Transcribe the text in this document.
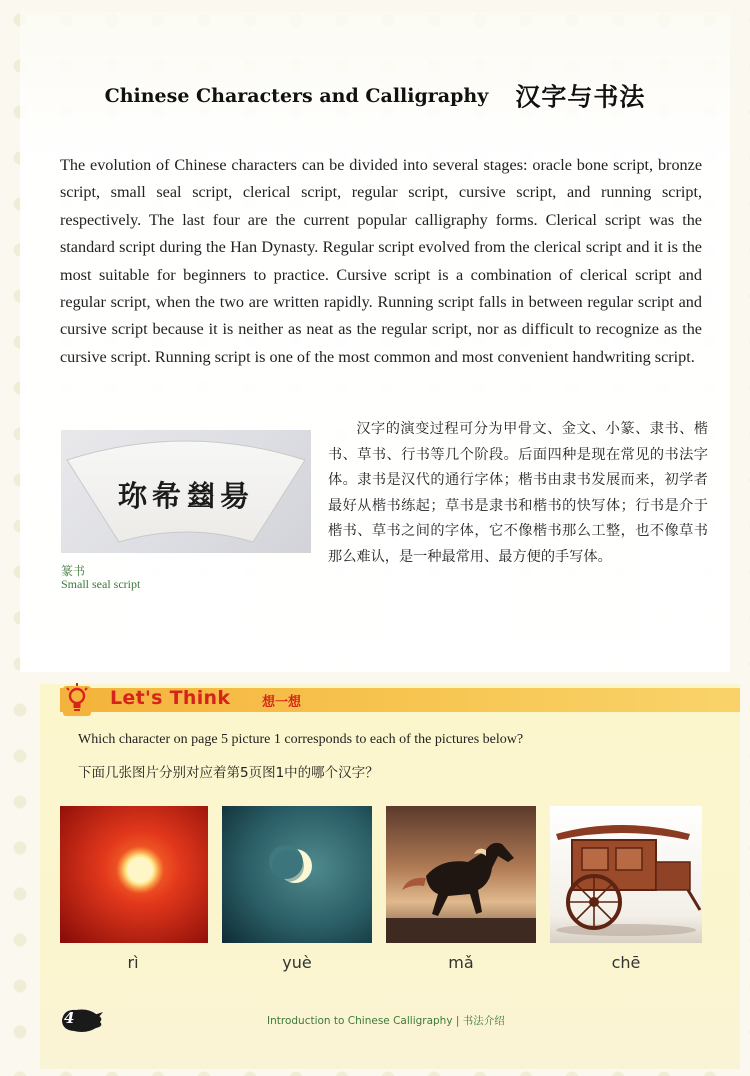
Chinese Characters and Calligraphy 汉字与书法

The evolution of Chinese characters can be divided into several stages: oracle bone script, bronze script, small seal script, clerical script, regular script, cursive script, and running script, respectively. The last four are the current popular calligraphy forms. Clerical script was the standard script during the Han Dynasty. Regular script evolved from the clerical script and it is the most suitable for beginners to practice. Cursive script is a combination of clerical script and regular script, when the two are written rapidly. Running script falls in between regular script and cursive script because it is neither as neat as the regular script, nor as difficult to recognize as the cursive script. Running script is one of the most common and most convenient handwriting script.

珎㣇𢇍昜

篆书

Small seal script

汉字的演变过程可分为甲骨文、金文、小篆、隶书、楷书、草书、行书等几个阶段。后面四种是现在常见的书法字体。隶书是汉代的通行字体；楷书由隶书发展而来，初学者最好从楷书练起；草书是隶书和楷书的快写体；行书是介于楷书、草书之间的字体，它不像楷书那么工整，也不像草书那么难认，是一种最常用、最方便的手写体。

Let's Think 想一想

Which character on page 5 picture 1 corresponds to each of the pictures below?

下面几张图片分别对应着第5页图1中的哪个汉字？

rì	yuè	mǎ	chē

4	Introduction to Chinese Calligraphy | 书法介绍
